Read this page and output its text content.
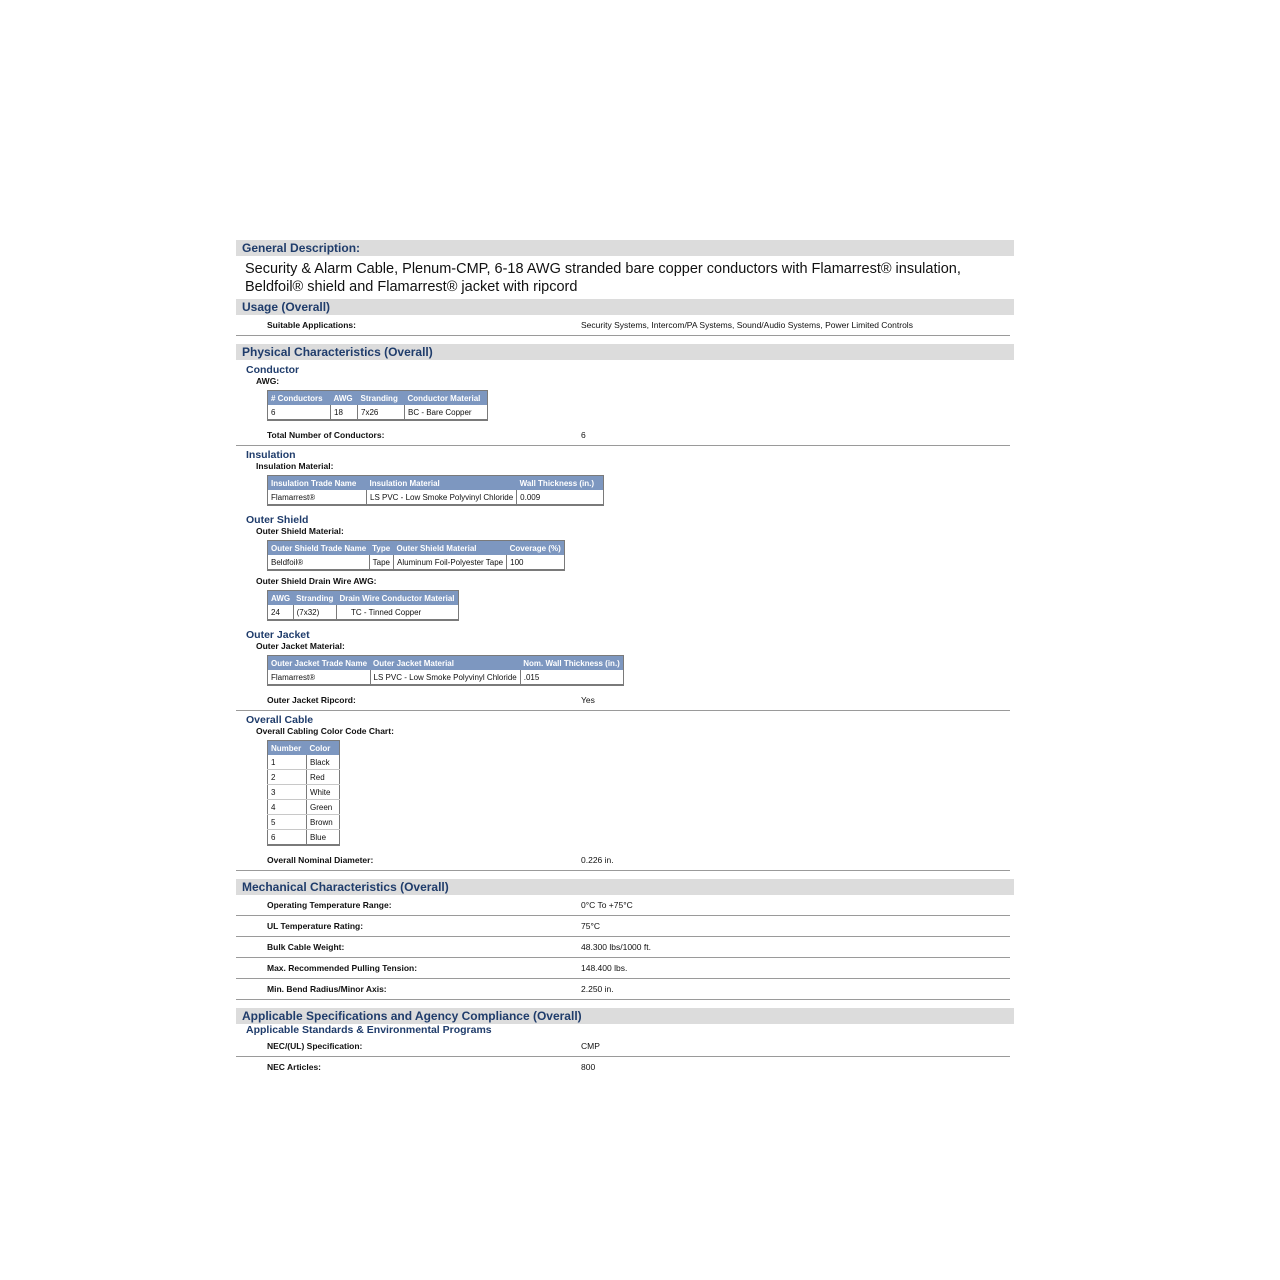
General Description:
Security & Alarm Cable, Plenum-CMP, 6-18 AWG stranded bare copper conductors with Flamarrest® insulation, Beldfoil® shield and Flamarrest® jacket with ripcord
Usage (Overall)
Suitable Applications:	Security Systems, Intercom/PA Systems, Sound/Audio Systems, Power Limited Controls
Physical Characteristics (Overall)
Conductor
AWG:
# Conductors	AWG	Stranding	Conductor Material
6	18	7x26	BC - Bare Copper
Total Number of Conductors:	6
Insulation
Insulation Material:
Insulation Trade Name	Insulation Material	Wall Thickness (in.)
Flamarrest®	LS PVC - Low Smoke Polyvinyl Chloride	0.009
Outer Shield
Outer Shield Material:
Outer Shield Trade Name	Type	Outer Shield Material	Coverage (%)
Beldfoil®	Tape	Aluminum Foil-Polyester Tape	100
Outer Shield Drain Wire AWG:
AWG	Stranding	Drain Wire Conductor Material
24	(7x32)	TC - Tinned Copper
Outer Jacket
Outer Jacket Material:
Outer Jacket Trade Name	Outer Jacket Material	Nom. Wall Thickness (in.)
Flamarrest®	LS PVC - Low Smoke Polyvinyl Chloride	.015
Outer Jacket Ripcord:	Yes
Overall Cable
Overall Cabling Color Code Chart:
Number	Color
1	Black
2	Red
3	White
4	Green
5	Brown
6	Blue
Overall Nominal Diameter:	0.226 in.
Mechanical Characteristics (Overall)
Operating Temperature Range:	0°C To +75°C
UL Temperature Rating:	75°C
Bulk Cable Weight:	48.300 lbs/1000 ft.
Max. Recommended Pulling Tension:	148.400 lbs.
Min. Bend Radius/Minor Axis:	2.250 in.
Applicable Specifications and Agency Compliance (Overall)
Applicable Standards & Environmental Programs
NEC/(UL) Specification:	CMP
NEC Articles:	800
